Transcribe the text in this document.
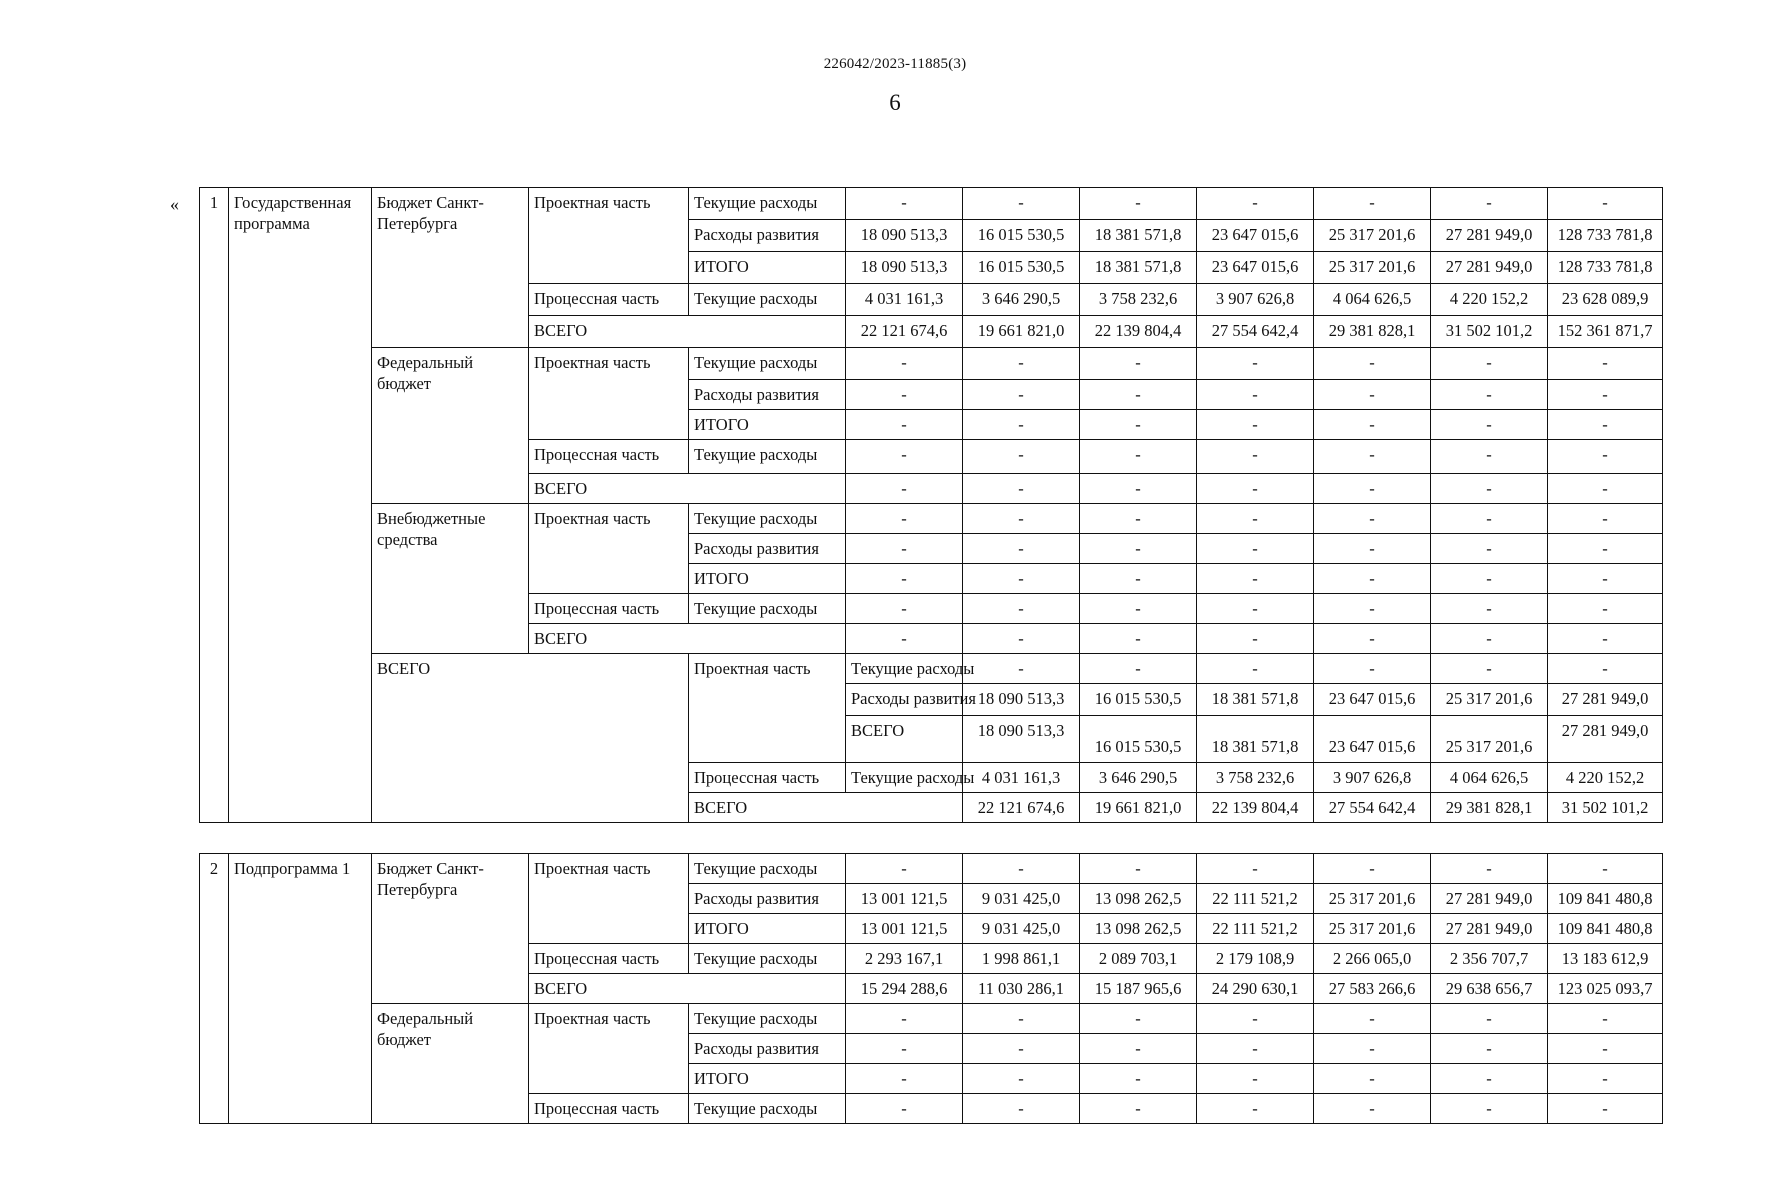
226042/2023-11885(3)
6
« 1	Государственная программа	Бюджет Санкт-Петербурга	Проектная часть	Текущие расходы	-	-	-	-	-	-	-	
				Расходы развития	18 090 513,3	16 015 530,5	18 381 571,8	23 647 015,6	25 317 201,6	27 281 949,0	128 733 781,8	
				ИТОГО	18 090 513,3	16 015 530,5	18 381 571,8	23 647 015,6	25 317 201,6	27 281 949,0	128 733 781,8	
			Процессная часть	Текущие расходы	4 031 161,3	3 646 290,5	3 758 232,6	3 907 626,8	4 064 626,5	4 220 152,2	23 628 089,9	
			ВСЕГО		22 121 674,6	19 661 821,0	22 139 804,4	27 554 642,4	29 381 828,1	31 502 101,2	152 361 871,7	
		Федеральный бюджет	Проектная часть	Текущие расходы	-	-	-	-	-	-	-	
				Расходы развития	-	-	-	-	-	-	-	
				ИТОГО	-	-	-	-	-	-	-	
			Процессная часть	Текущие расходы	-	-	-	-	-	-	-	
			ВСЕГО		-	-	-	-	-	-	-	
		Внебюджетные средства	Проектная часть	Текущие расходы	-	-	-	-	-	-	-	
				Расходы развития	-	-	-	-	-	-	-	
				ИТОГО	-	-	-	-	-	-	-	
			Процессная часть	Текущие расходы	-	-	-	-	-	-	-	
			ВСЕГО		-	-	-	-	-	-	-	
		ВСЕГО		Проектная часть	Текущие расходы	-	-	-	-	-	-	
					Расходы развития	18 090 513,3	16 015 530,5	18 381 571,8	23 647 015,6	25 317 201,6	27 281 949,0	
					ВСЕГО	18 090 513,3	16 015 530,5	18 381 571,8	23 647 015,6	25 317 201,6	27 281 949,0	
				Процессная часть	Текущие расходы	4 031 161,3	3 646 290,5	3 758 232,6	3 907 626,8	4 064 626,5	4 220 152,2	
				ВСЕГО		22 121 674,6	19 661 821,0	22 139 804,4	27 554 642,4	29 381 828,1	31 502 101,2	
2	Подпрограмма 1	Бюджет Санкт-Петербурга	Проектная часть	Текущие расходы	-	-	-	-	-	-	-
				Расходы развития	13 001 121,5	9 031 425,0	13 098 262,5	22 111 521,2	25 317 201,6	27 281 949,0	109 841 480,8
				ИТОГО	13 001 121,5	9 031 425,0	13 098 262,5	22 111 521,2	25 317 201,6	27 281 949,0	109 841 480,8
			Процессная часть	Текущие расходы	2 293 167,1	1 998 861,1	2 089 703,1	2 179 108,9	2 266 065,0	2 356 707,7	13 183 612,9
			ВСЕГО		15 294 288,6	11 030 286,1	15 187 965,6	24 290 630,1	27 583 266,6	29 638 656,7	123 025 093,7
		Федеральный бюджет	Проектная часть	Текущие расходы	-	-	-	-	-	-	-
				Расходы развития	-	-	-	-	-	-	-
				ИТОГО	-	-	-	-	-	-	-
			Процессная часть	Текущие расходы	-	-	-	-	-	-	-
